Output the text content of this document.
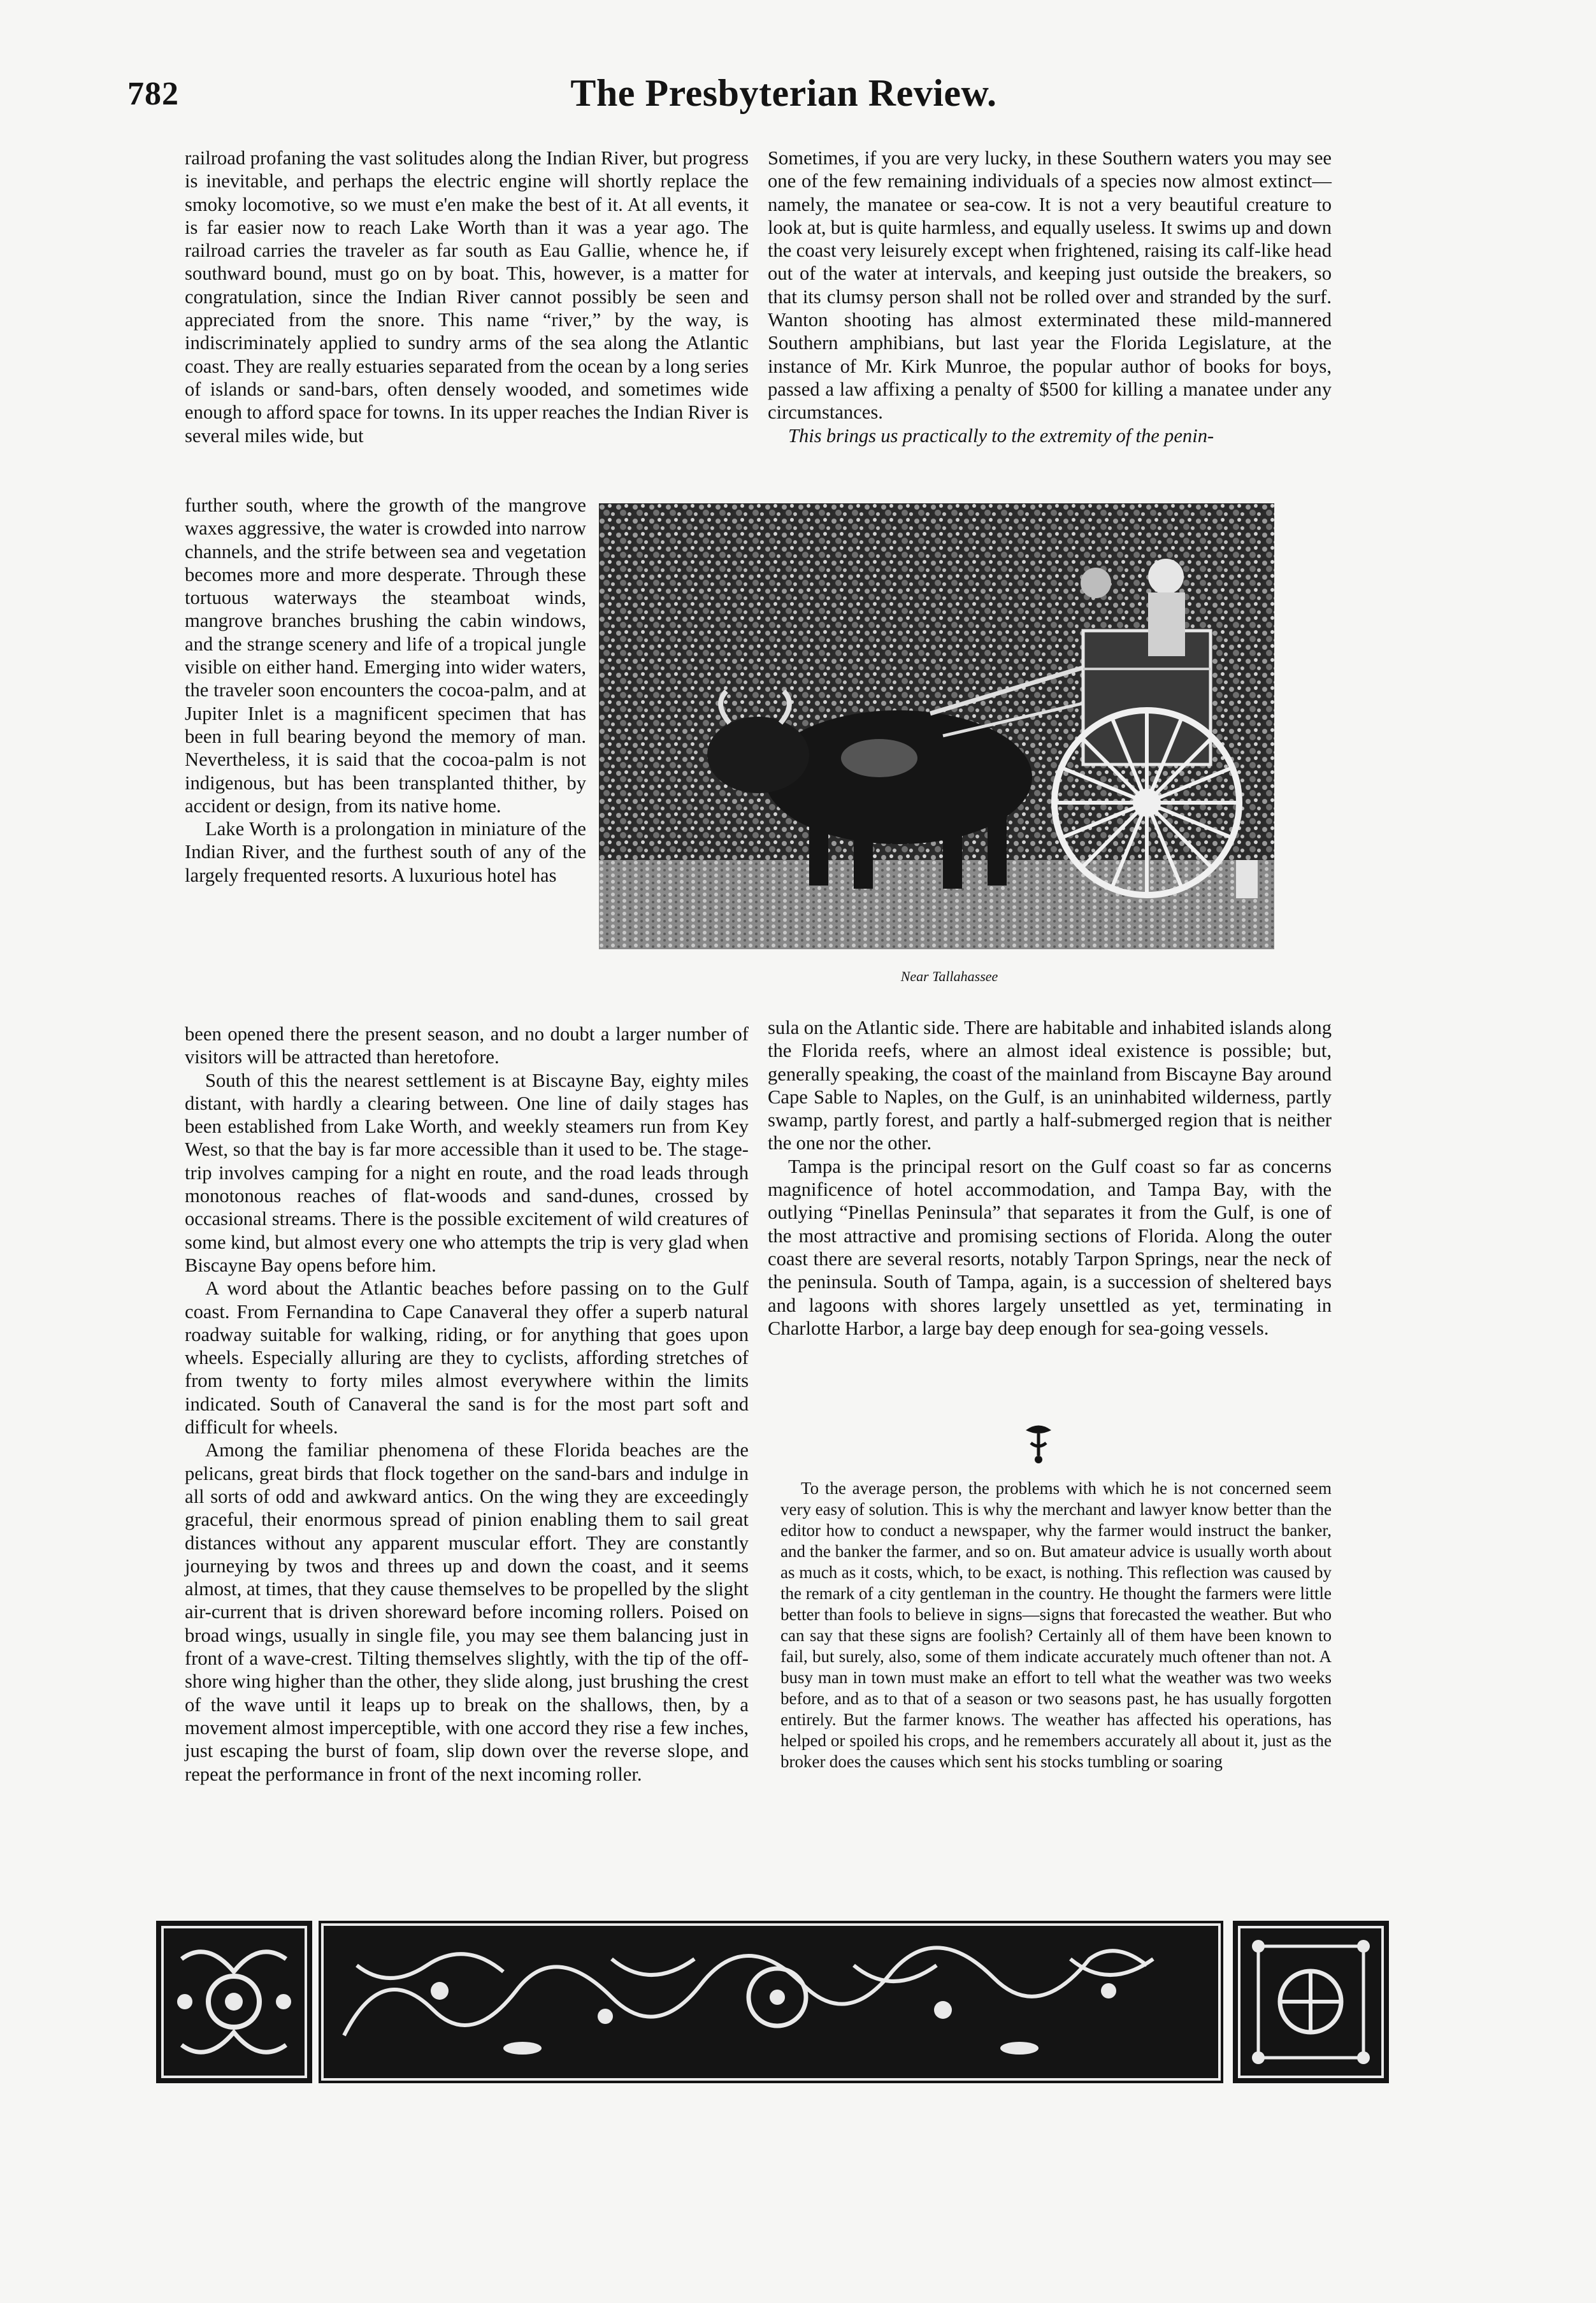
782	The Presbyterian Review.

railroad profaning the vast solitudes along the Indian River, but progress is inevitable, and perhaps the electric engine will shortly replace the smoky locomotive, so we must e'en make the best of it. At all events, it is far easier now to reach Lake Worth than it was a year ago. The railroad carries the traveler as far south as Eau Gallie, whence he, if southward bound, must go on by boat. This, however, is a matter for congratulation, since the Indian River cannot possibly be seen and appreciated from the snore. This name “river,” by the way, is indiscriminately applied to sundry arms of the sea along the Atlantic coast. They are really estuaries separated from the ocean by a long series of islands or sand-bars, often densely wooded, and sometimes wide enough to afford space for towns. In its upper reaches the Indian River is several miles wide, but

further south, where the growth of the mangrove waxes aggressive, the water is crowded into narrow channels, and the strife between sea and vegetation becomes more and more desperate. Through these tortuous waterways the steamboat winds, mangrove branches brushing the cabin windows, and the strange scenery and life of a tropical jungle visible on either hand. Emerging into wider waters, the traveler soon encounters the cocoa-palm, and at Jupiter Inlet is a magnificent specimen that has been in full bearing beyond the memory of man. Nevertheless, it is said that the cocoa-palm is not indigenous, but has been transplanted thither, by accident or design, from its native home.

Lake Worth is a prolongation in miniature of the Indian River, and the furthest south of any of the largely frequented resorts. A luxurious hotel has

been opened there the present season, and no doubt a larger number of visitors will be attracted than heretofore.

South of this the nearest settlement is at Biscayne Bay, eighty miles distant, with hardly a clearing between. One line of daily stages has been established from Lake Worth, and weekly steamers run from Key West, so that the bay is far more accessible than it used to be. The stage-trip involves camping for a night en route, and the road leads through monotonous reaches of flat-woods and sand-dunes, crossed by occasional streams. There is the possible excitement of wild creatures of some kind, but almost every one who attempts the trip is very glad when Biscayne Bay opens before him.

A word about the Atlantic beaches before passing on to the Gulf coast. From Fernandina to Cape Canaveral they offer a superb natural roadway suitable for walking, riding, or for anything that goes upon wheels. Especially alluring are they to cyclists, affording stretches of from twenty to forty miles almost everywhere within the limits indicated. South of Canaveral the sand is for the most part soft and difficult for wheels.

Among the familiar phenomena of these Florida beaches are the pelicans, great birds that flock together on the sand-bars and indulge in all sorts of odd and awkward antics. On the wing they are exceedingly graceful, their enormous spread of pinion enabling them to sail great distances without any apparent muscular effort. They are constantly journeying by twos and threes up and down the coast, and it seems almost, at times, that they cause themselves to be propelled by the slight air-current that is driven shoreward before incoming rollers. Poised on broad wings, usually in single file, you may see them balancing just in front of a wave-crest. Tilting themselves slightly, with the tip of the off-shore wing higher than the other, they slide along, just brushing the crest of the wave until it leaps up to break on the shallows, then, by a movement almost imperceptible, with one accord they rise a few inches, just escaping the burst of foam, slip down over the reverse slope, and repeat the performance in front of the next incoming roller.

Sometimes, if you are very lucky, in these Southern waters you may see one of the few remaining individuals of a species now almost extinct—namely, the manatee or sea-cow. It is not a very beautiful creature to look at, but is quite harmless, and equally useless. It swims up and down the coast very leisurely except when frightened, raising its calf-like head out of the water at intervals, and keeping just outside the breakers, so that its clumsy person shall not be rolled over and stranded by the surf. Wanton shooting has almost exterminated these mild-mannered Southern amphibians, but last year the Florida Legislature, at the instance of Mr. Kirk Munroe, the popular author of books for boys, passed a law affixing a penalty of $500 for killing a manatee under any circumstances.

This brings us practically to the extremity of the penin-

Near Tallahassee

sula on the Atlantic side. There are habitable and inhabited islands along the Florida reefs, where an almost ideal existence is possible; but, generally speaking, the coast of the mainland from Biscayne Bay around Cape Sable to Naples, on the Gulf, is an uninhabited wilderness, partly swamp, partly forest, and partly a half-submerged region that is neither the one nor the other.

Tampa is the principal resort on the Gulf coast so far as concerns magnificence of hotel accommodation, and Tampa Bay, with the outlying “Pinellas Peninsula” that separates it from the Gulf, is one of the most attractive and promising sections of Florida. Along the outer coast there are several resorts, notably Tarpon Springs, near the neck of the peninsula. South of Tampa, again, is a succession of sheltered bays and lagoons with shores largely unsettled as yet, terminating in Charlotte Harbor, a large bay deep enough for sea-going vessels.

To the average person, the problems with which he is not concerned seem very easy of solution. This is why the merchant and lawyer know better than the editor how to conduct a newspaper, why the farmer would instruct the banker, and the banker the farmer, and so on. But amateur advice is usually worth about as much as it costs, which, to be exact, is nothing. This reflection was caused by the remark of a city gentleman in the country. He thought the farmers were little better than fools to believe in signs—signs that forecasted the weather. But who can say that these signs are foolish? Certainly all of them have been known to fail, but surely, also, some of them indicate accurately much oftener than not. A busy man in town must make an effort to tell what the weather was two weeks before, and as to that of a season or two seasons past, he has usually forgotten entirely. But the farmer knows. The weather has affected his operations, has helped or spoiled his crops, and he remembers accurately all about it, just as the broker does the causes which sent his stocks tumbling or soaring
